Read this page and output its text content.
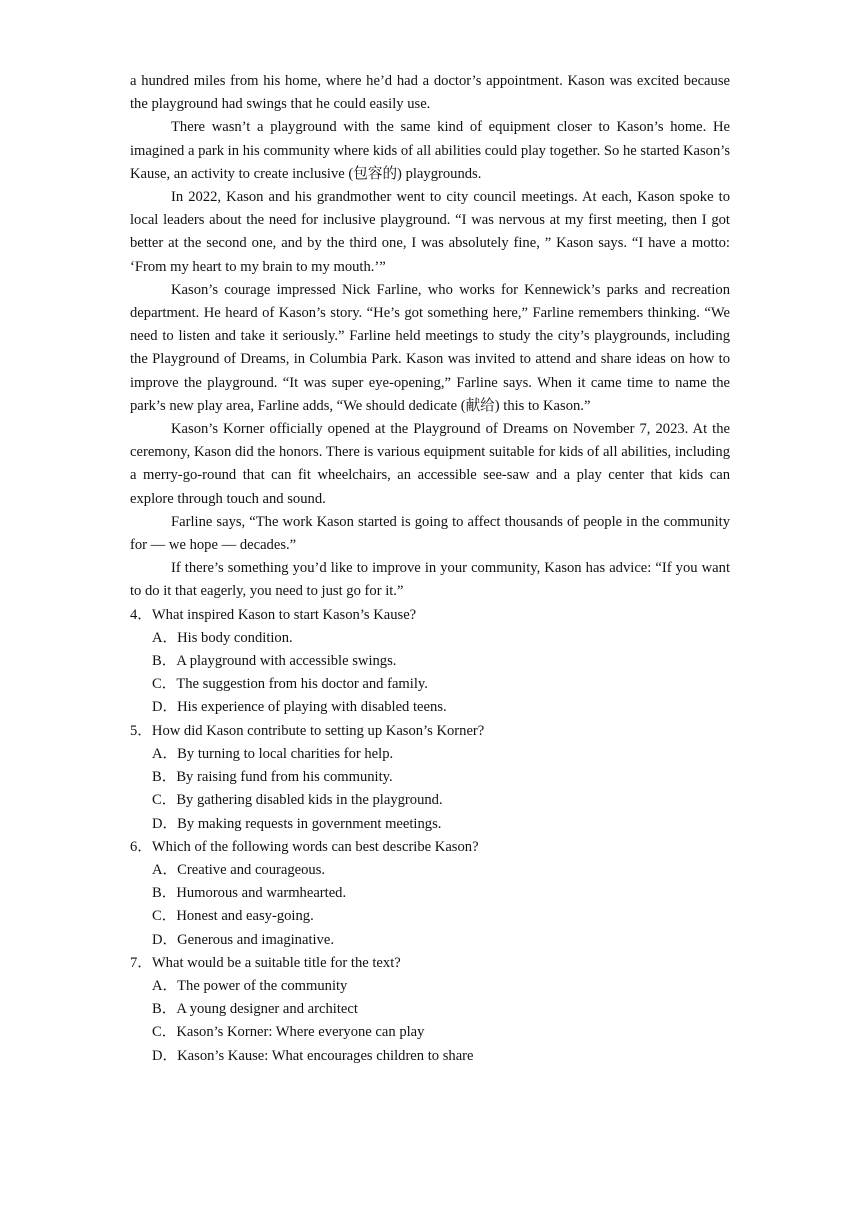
a hundred miles from his home, where he’d had a doctor’s appointment. Kason was excited because the playground had swings that he could easily use.

There wasn’t a playground with the same kind of equipment closer to Kason’s home. He imagined a park in his community where kids of all abilities could play together. So he started Kason’s Kause, an activity to create inclusive (包容的) playgrounds.

In 2022, Kason and his grandmother went to city council meetings. At each, Kason spoke to local leaders about the need for inclusive playground. “I was nervous at my first meeting, then I got better at the second one, and by the third one, I was absolutely fine, ” Kason says. “I have a motto: ‘From my heart to my brain to my mouth.’”

Kason’s courage impressed Nick Farline, who works for Kennewick’s parks and recreation department. He heard of Kason’s story. “He’s got something here,” Farline remembers thinking. “We need to listen and take it seriously.” Farline held meetings to study the city’s playgrounds, including the Playground of Dreams, in Columbia Park. Kason was invited to attend and share ideas on how to improve the playground. “It was super eye-opening,” Farline says. When it came time to name the park’s new play area, Farline adds, “We should dedicate (献给) this to Kason.”

Kason’s Korner officially opened at the Playground of Dreams on November 7, 2023. At the ceremony, Kason did the honors. There is various equipment suitable for kids of all abilities, including a merry-go-round that can fit wheelchairs, an accessible see-saw and a play center that kids can explore through touch and sound.

Farline says, “The work Kason started is going to affect thousands of people in the community for — we hope — decades.”

If there’s something you’d like to improve in your community, Kason has advice: “If you want to do it that eagerly, you need to just go for it.”

4．What inspired Kason to start Kason’s Kause?

A．His body condition.

B．A playground with accessible swings.

C．The suggestion from his doctor and family.

D．His experience of playing with disabled teens.

5．How did Kason contribute to setting up Kason’s Korner?

A．By turning to local charities for help.

B．By raising fund from his community.

C．By gathering disabled kids in the playground.

D．By making requests in government meetings.

6．Which of the following words can best describe Kason?

A．Creative and courageous.

B．Humorous and warmhearted.

C．Honest and easy-going.

D．Generous and imaginative.

7．What would be a suitable title for the text?

A．The power of the community

B．A young designer and architect

C．Kason’s Korner: Where everyone can play

D．Kason’s Kause: What encourages children to share
